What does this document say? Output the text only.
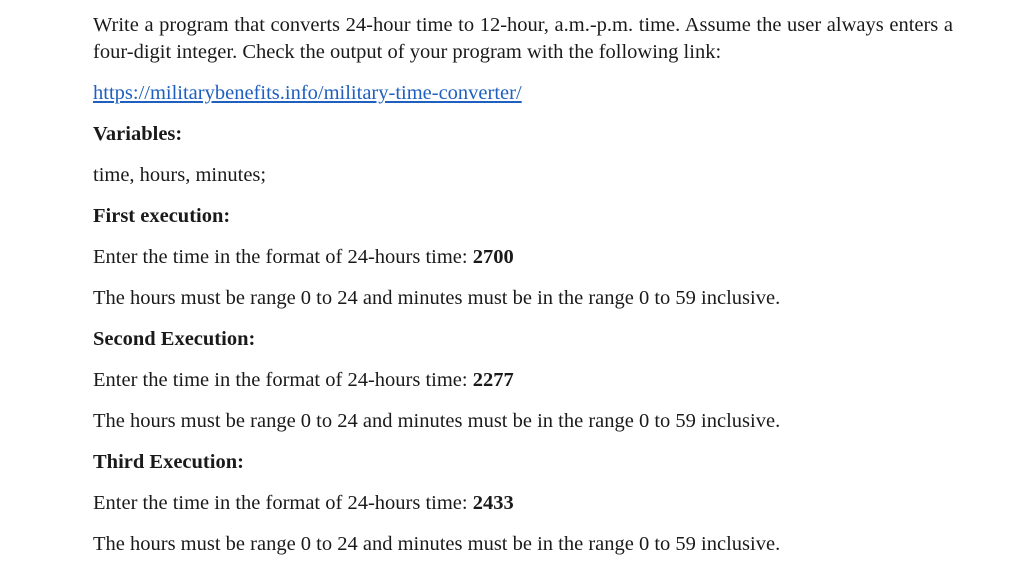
Write a program that converts 24-hour time to 12-hour, a.m.-p.m. time. Assume the user always enters a four-digit integer. Check the output of your program with the following link:

https://militarybenefits.info/military-time-converter/

Variables:

time, hours, minutes;

First execution:

Enter the time in the format of 24-hours time: 2700

The hours must be range 0 to 24 and minutes must be in the range 0 to 59 inclusive.

Second Execution:

Enter the time in the format of 24-hours time: 2277

The hours must be range 0 to 24 and minutes must be in the range 0 to 59 inclusive.

Third Execution:

Enter the time in the format of 24-hours time: 2433

The hours must be range 0 to 24 and minutes must be in the range 0 to 59 inclusive.
